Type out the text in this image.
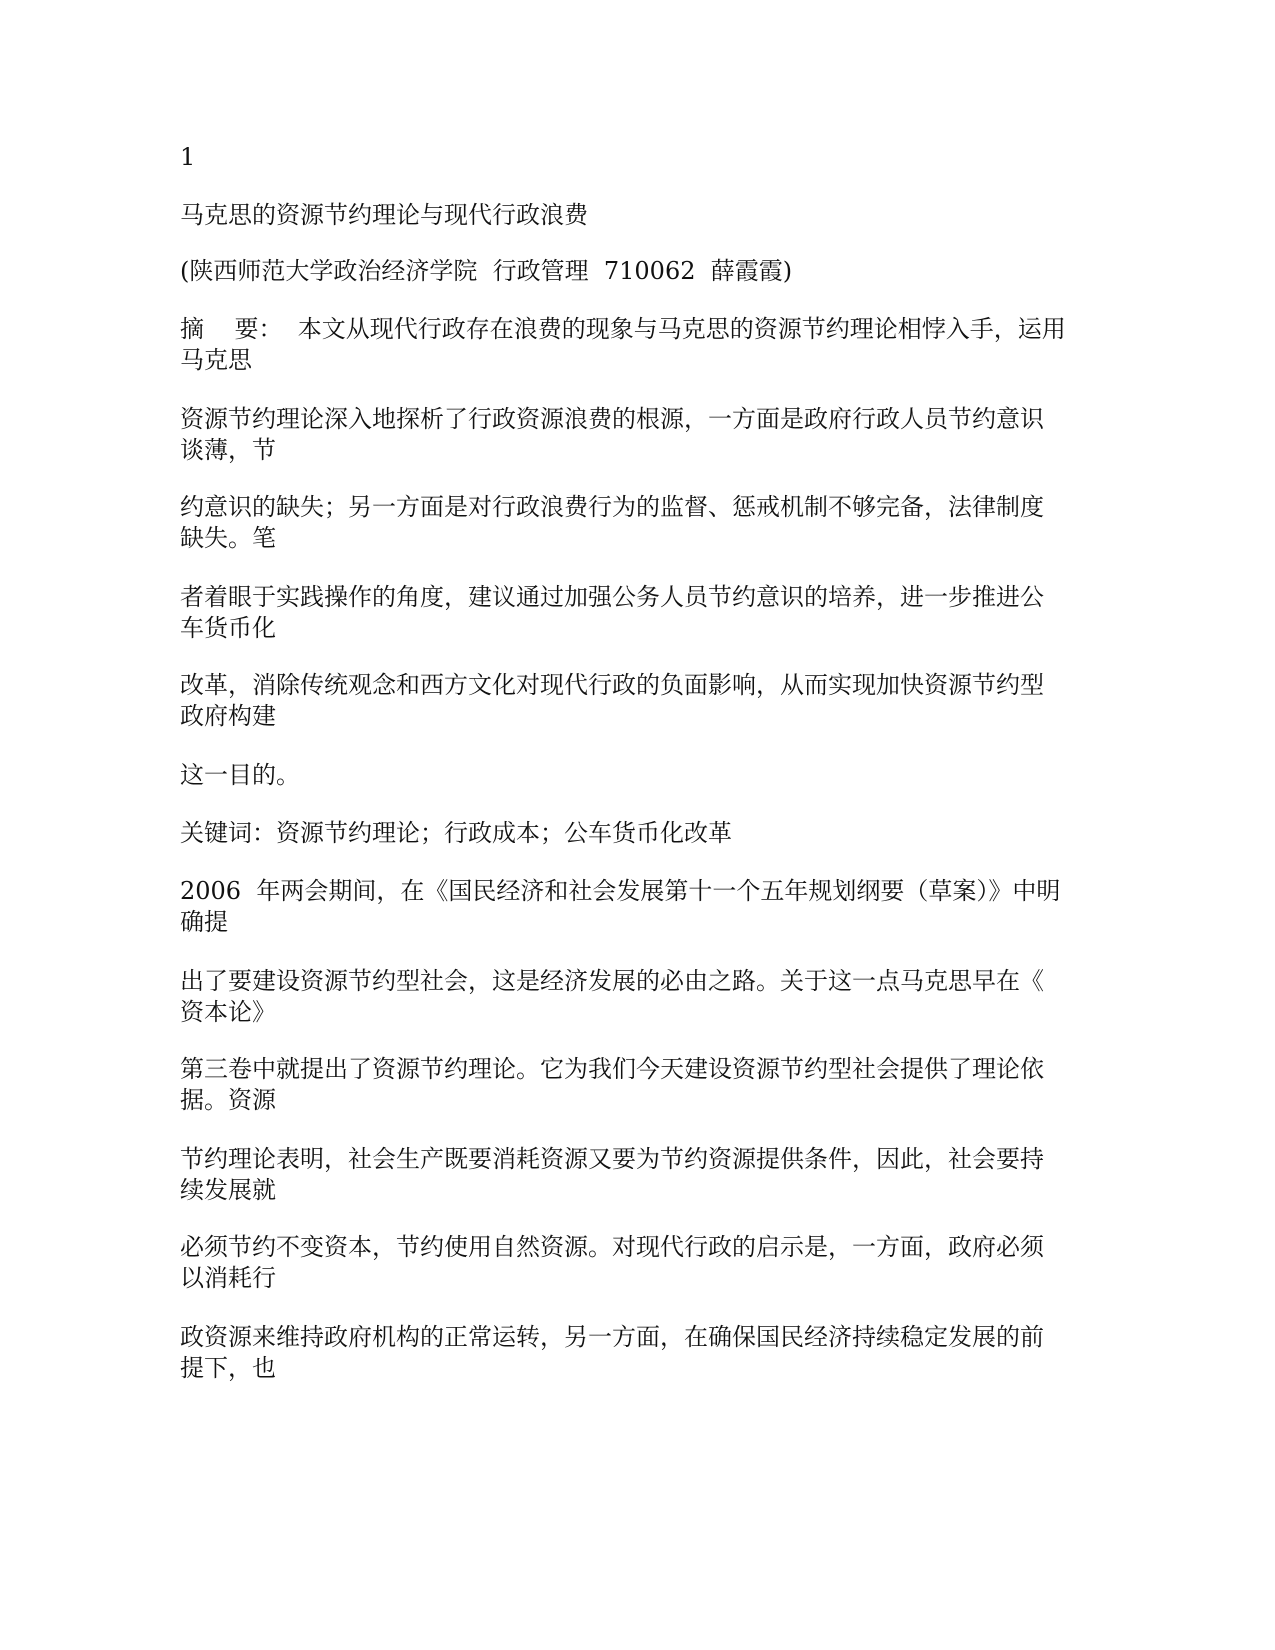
1

马克思的资源节约理论与现代行政浪费

(陕西师范大学政治经济学院  行政管理  710062  薛霞霞)

摘    要：  本文从现代行政存在浪费的现象与马克思的资源节约理论相悖入手，运用
马克思

资源节约理论深入地探析了行政资源浪费的根源，一方面是政府行政人员节约意识
谈薄，节

约意识的缺失；另一方面是对行政浪费行为的监督、惩戒机制不够完备，法律制度
缺失。笔

者着眼于实践操作的角度，建议通过加强公务人员节约意识的培养，进一步推进公
车货币化

改革，消除传统观念和西方文化对现代行政的负面影响，从而实现加快资源节约型
政府构建

这一目的。

关键词：资源节约理论；行政成本；公车货币化改革

2006  年两会期间，在《国民经济和社会发展第十一个五年规划纲要（草案）》中明
确提

出了要建设资源节约型社会，这是经济发展的必由之路。关于这一点马克思早在《
资本论》

第三卷中就提出了资源节约理论。它为我们今天建设资源节约型社会提供了理论依
据。资源

节约理论表明，社会生产既要消耗资源又要为节约资源提供条件，因此，社会要持
续发展就

必须节约不变资本，节约使用自然资源。对现代行政的启示是，一方面，政府必须
以消耗行

政资源来维持政府机构的正常运转，另一方面，在确保国民经济持续稳定发展的前
提下，也
